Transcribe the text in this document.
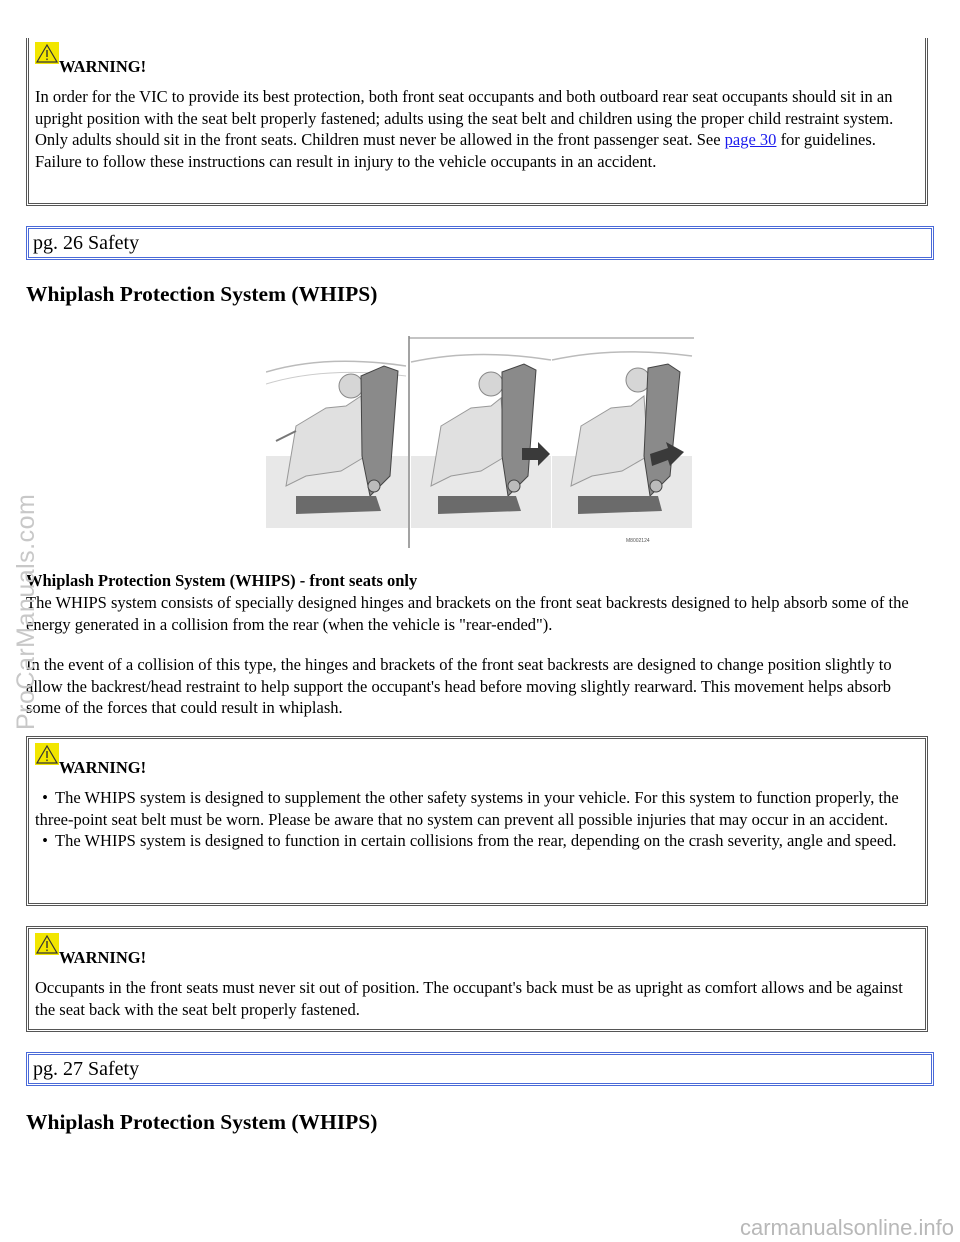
WARNING!

In order for the VIC to provide its best protection, both front seat occupants and both outboard rear seat occupants should sit in an upright position with the seat belt properly fastened; adults using the seat belt and children using the proper child restraint system. Only adults should sit in the front seats. Children must never be allowed in the front passenger seat. See page 30 for guidelines. Failure to follow these instructions can result in injury to the vehicle occupants in an accident.

pg. 26 Safety
Whiplash Protection System (WHIPS)
M8002124
Whiplash Protection System (WHIPS) - front seats only

The WHIPS system consists of specially designed hinges and brackets on the front seat backrests designed to help absorb some of the energy generated in a collision from the rear (when the vehicle is "rear-ended").

In the event of a collision of this type, the hinges and brackets of the front seat backrests are designed to change position slightly to allow the backrest/head restraint to help support the occupant's head before moving slightly rearward. This movement helps absorb some of the forces that could result in whiplash.

WARNING!
• The WHIPS system is designed to supplement the other safety systems in your vehicle. For this system to function properly, the three-point seat belt must be worn. Please be aware that no system can prevent all possible injuries that may occur in an accident.
• The WHIPS system is designed to function in certain collisions from the rear, depending on the crash severity, angle and speed.
WARNING!

Occupants in the front seats must never sit out of position. The occupant's back must be as upright as comfort allows and be against the seat back with the seat belt properly fastened.

pg. 27 Safety
Whiplash Protection System (WHIPS)
ProCarManuals.com
carmanualsonline.info
